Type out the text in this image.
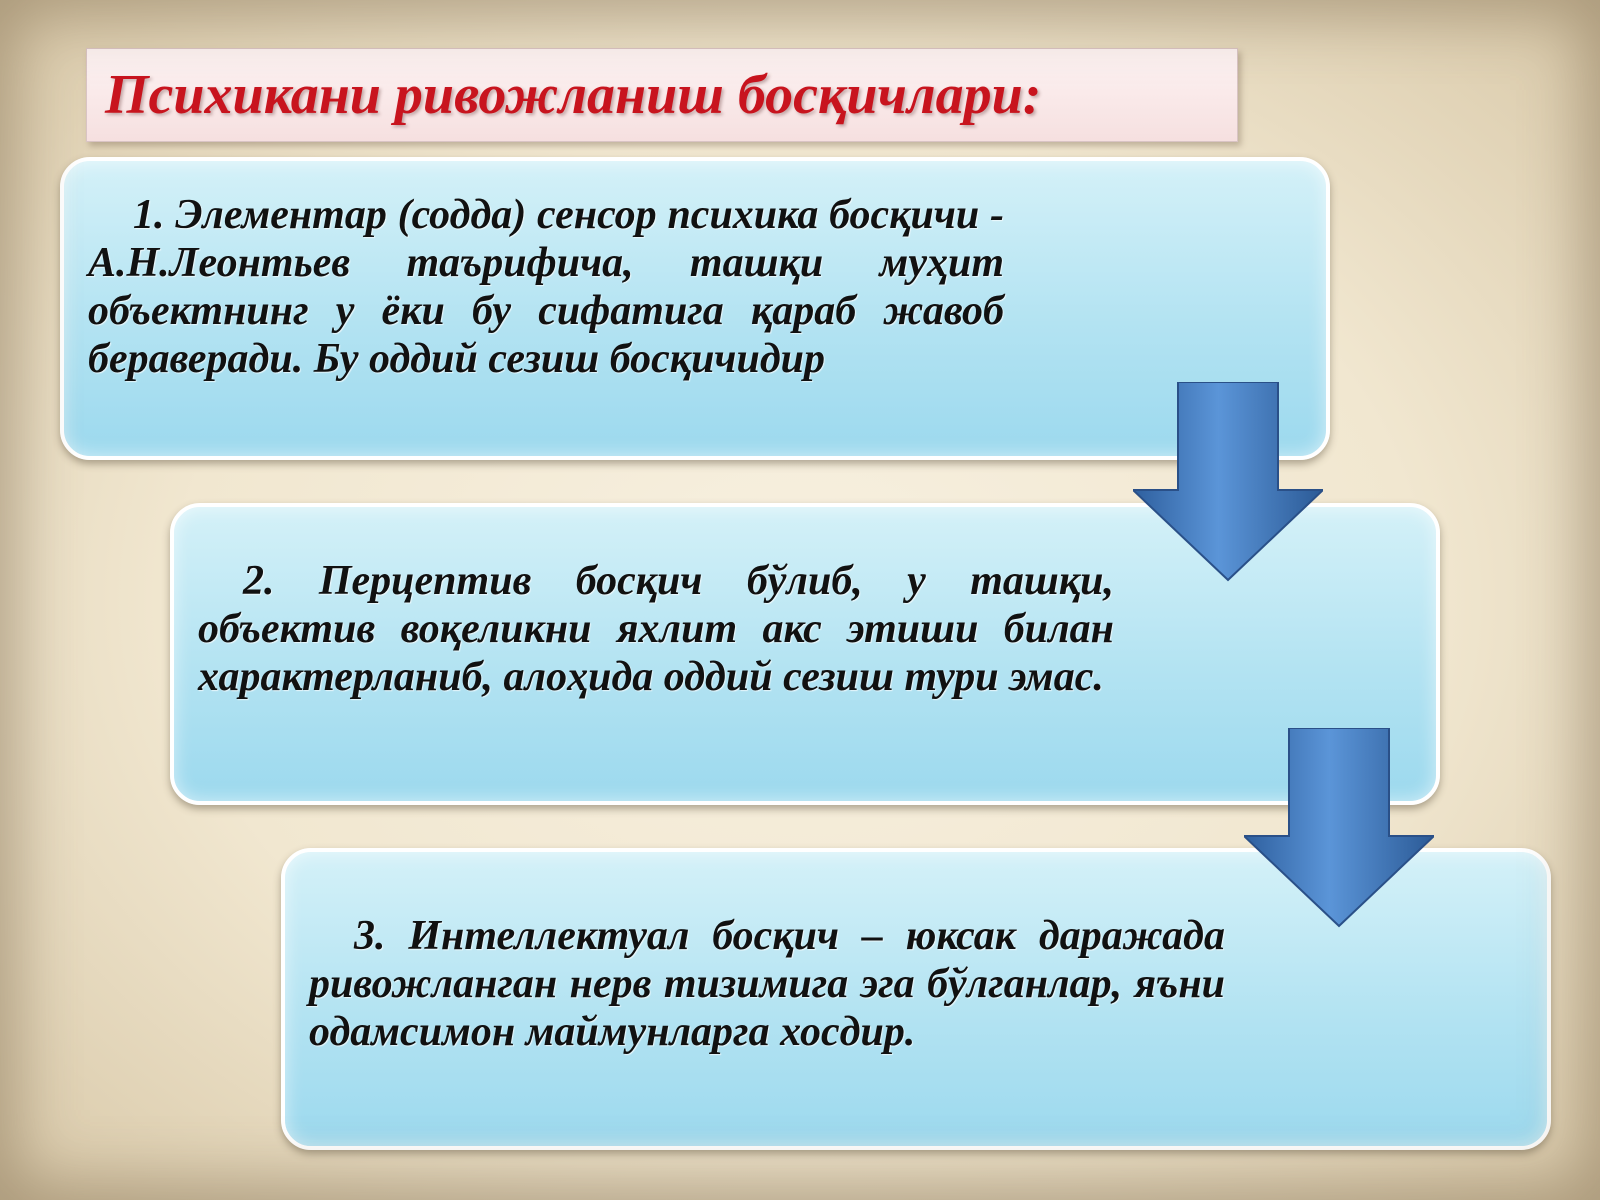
Психикани ривожланиш босқичлари:
1. Элементар (содда) сенсор психика босқичи - А.Н.Леонтьев таърифича, ташқи муҳит объектнинг у ёки бу сифатига қараб жавоб бераверади. Бу оддий сезиш босқичидир
2. Перцептив босқич бўлиб, у ташқи, объектив воқеликни яхлит акс этиши билан характерланиб, алоҳида оддий сезиш тури эмас.
3. Интеллектуал босқич – юксак даражада ривожланган нерв тизимига эга бўлганлар, яъни одамсимон маймунларга хосдир.
